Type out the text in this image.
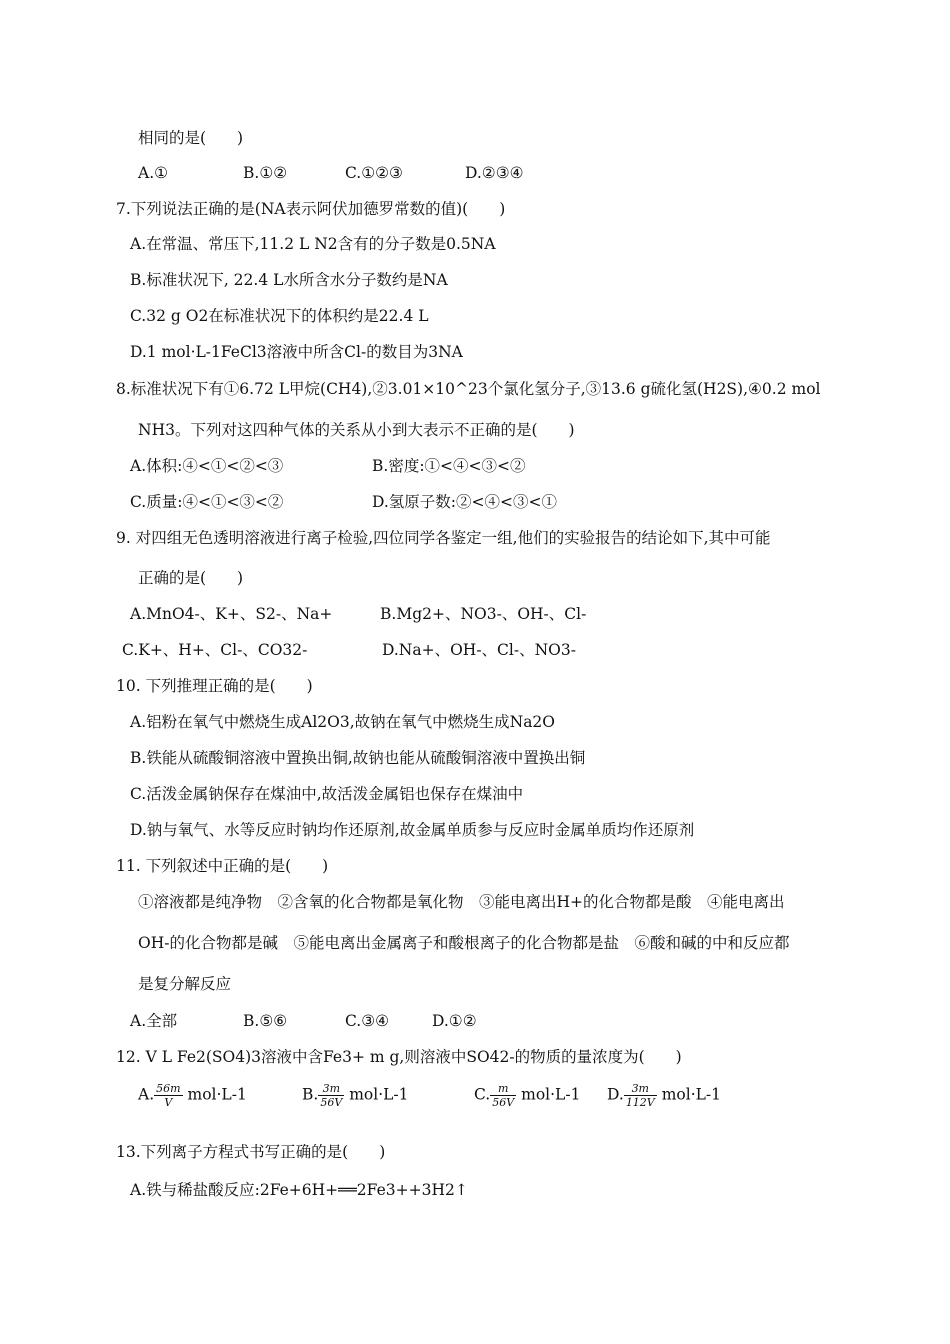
相同的是(　　)
A.①	B.①②	C.①②③	D.②③④
7.下列说法正确的是(NA表示阿伏加德罗常数的值)(　　)
A.在常温、常压下,11.2 L N2含有的分子数是0.5NA
B.标准状况下, 22.4 L水所含水分子数约是NA
C.32 g O2在标准状况下的体积约是22.4 L
D.1 mol·L-1FeCl3溶液中所含Cl-的数目为3NA
8.标准状况下有①6.72 L甲烷(CH4),②3.01×10^23个氯化氢分子,③13.6 g硫化氢(H2S),④0.2 mol
NH3。下列对这四种气体的关系从小到大表示不正确的是(　　)
A.体积:④<①<②<③	B.密度:①<④<③<②
C.质量:④<①<③<②	D.氢原子数:②<④<③<①
9. 对四组无色透明溶液进行离子检验,四位同学各鉴定一组,他们的实验报告的结论如下,其中可能
正确的是(　　)
A.MnO4-、K+、S2-、Na+	B.Mg2+、NO3-、OH-、Cl-
C.K+、H+、Cl-、CO32-	D.Na+、OH-、Cl-、NO3-
10. 下列推理正确的是(　　)
A.铝粉在氧气中燃烧生成Al2O3,故钠在氧气中燃烧生成Na2O
B.铁能从硫酸铜溶液中置换出铜,故钠也能从硫酸铜溶液中置换出铜
C.活泼金属钠保存在煤油中,故活泼金属铝也保存在煤油中
D.钠与氧气、水等反应时钠均作还原剂,故金属单质参与反应时金属单质均作还原剂
11. 下列叙述中正确的是(　　)
①溶液都是纯净物　②含氧的化合物都是氧化物　③能电离出H+的化合物都是酸　④能电离出
OH-的化合物都是碱　⑤能电离出金属离子和酸根离子的化合物都是盐　⑥酸和碱的中和反应都
是复分解反应
A.全部	B.⑤⑥	C.③④	D.①②
12. V L Fe2(SO4)3溶液中含Fe3+ m g,则溶液中SO42-的物质的量浓度为(　　)
A. $\frac{56m}{V} mol\cdot L-1$	B. $\frac{3m}{56V} mol\cdot L-1$	C. $\frac{m}{56V} mol\cdot L-1$ D. $\frac{3m}{112V} mol\cdot L-1$
13.下列离子方程式书写正确的是(　　)
A.铁与稀盐酸反应:2Fe+6H+══2Fe3++3H2↑
